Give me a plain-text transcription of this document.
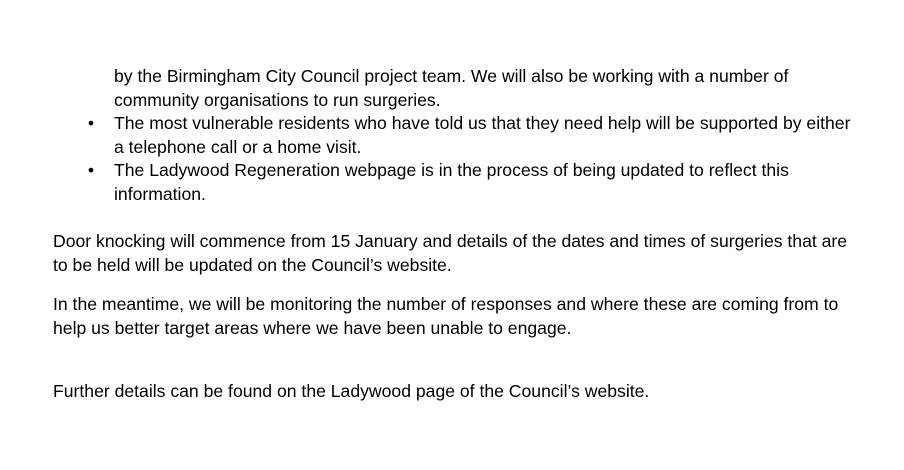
by the Birmingham City Council project team. We will also be working with a number of community organisations to run surgeries.
• The most vulnerable residents who have told us that they need help will be supported by either a telephone call or a home visit.
• The Ladywood Regeneration webpage is in the process of being updated to reflect this information.

Door knocking will commence from 15 January and details of the dates and times of surgeries that are to be held will be updated on the Council’s website.

In the meantime, we will be monitoring the number of responses and where these are coming from to help us better target areas where we have been unable to engage.

Further details can be found on the Ladywood page of the Council’s website.
